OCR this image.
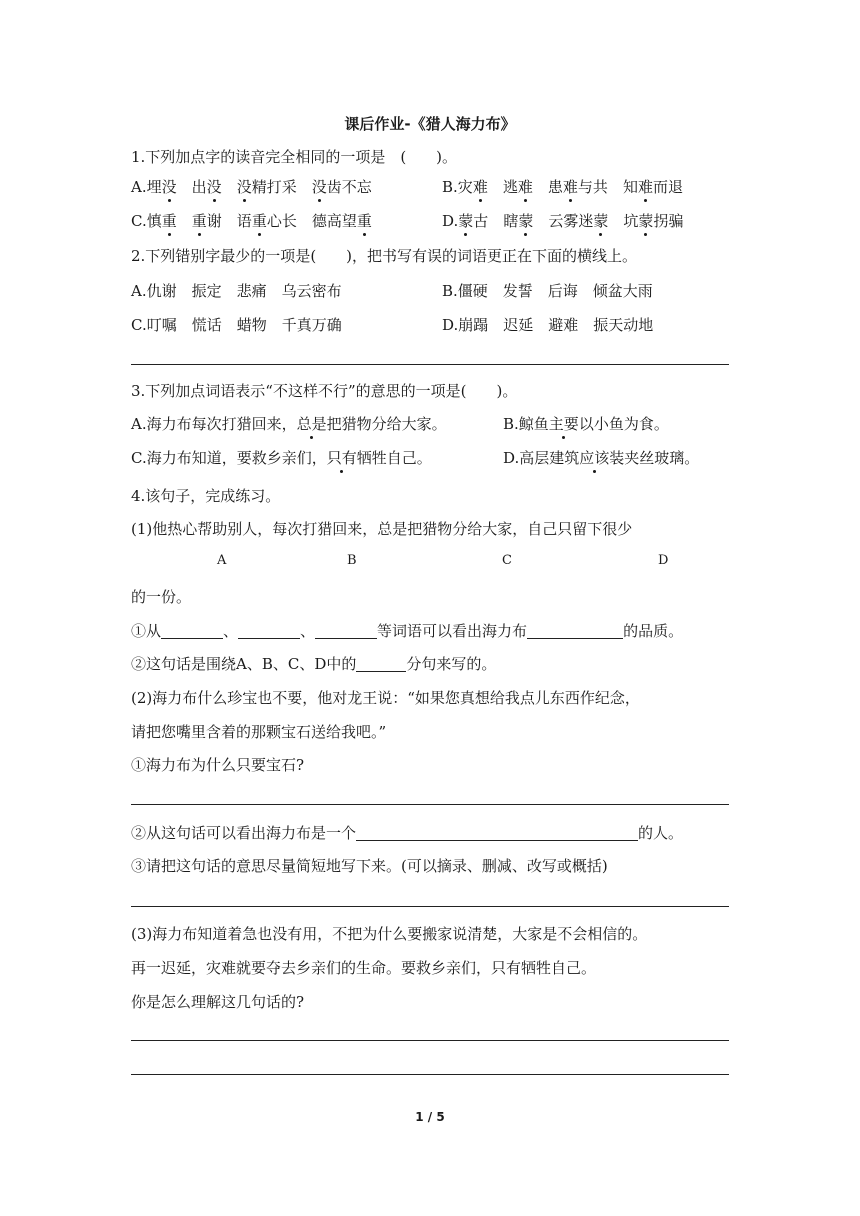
课后作业-《猎人海力布》
1.下列加点字的读音完全相同的一项是　(　　)。
A.埋没　 出没　 没精打采　 没齿不忘	B.灾难　 逃难　 患难与共　 知难而退
C.慎重　 重谢　 语重心长　 德高望重	D.蒙古　 瞎蒙　 云雾迷蒙　 坑蒙拐骗
2.下列错别字最少的一项是(　　)，把书写有误的词语更正在下面的横线上。
A.仇谢　振定　悲痛　乌云密布	B.僵硬　发誓　后诲　倾盆大雨
C.叮嘱　慌话　蜡物　千真万确	D.崩蹋　迟延　避难　振天动地
3.下列加点词语表示“不这样不行”的意思的一项是(　　)。
A.海力布每次打猎回来，总是把猎物分给大家。	B.鲸鱼主要以小鱼为食。
C.海力布知道，要救乡亲们，只有牺牲自己。	D.高层建筑应该装夹丝玻璃。
4.该句子，完成练习。
(1)他热心帮助别人，每次打猎回来，总是把猎物分给大家，自己只留下很少
A	B	C	D
的一份。
①从	、	、	等词语可以看出海力布	的品质。
②这句话是围绕A、B、C、D中的	分句来写的。
(2)海力布什么珍宝也不要，他对龙王说：“如果您真想给我点儿东西作纪念，
请把您嘴里含着的那颗宝石送给我吧。”
①海力布为什么只要宝石?
②从这句话可以看出海力布是一个	的人。
③请把这句话的意思尽量简短地写下来。(可以摘录、删减、改写或概括)
(3)海力布知道着急也没有用，不把为什么要搬家说清楚，大家是不会相信的。
再一迟延，灾难就要夺去乡亲们的生命。要救乡亲们，只有牺牲自己。
你是怎么理解这几句话的?
1 / 5
